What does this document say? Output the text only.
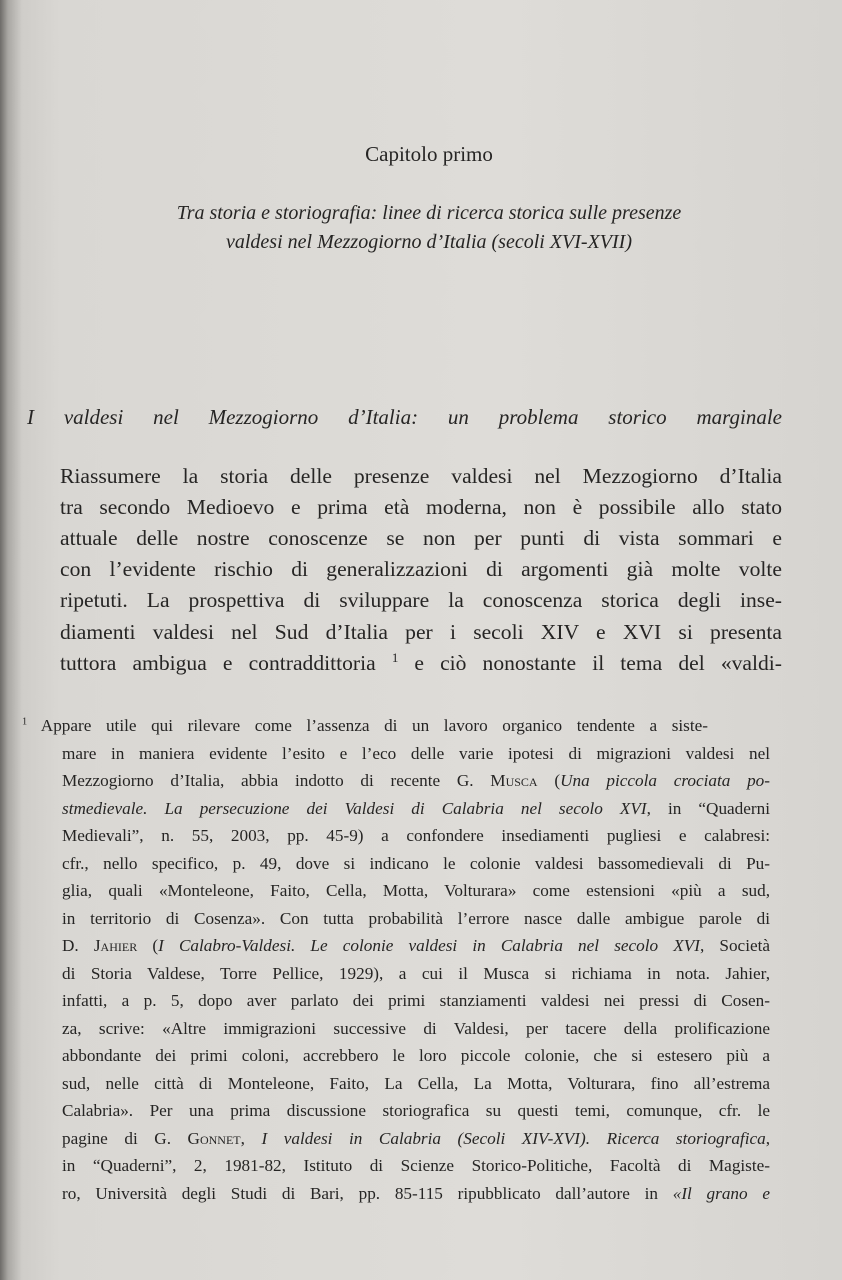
Capitolo primo
Tra storia e storiografia: linee di ricerca storica sulle presenze
valdesi nel Mezzogiorno d’Italia (secoli XVI-XVII)
I valdesi nel Mezzogiorno d’Italia: un problema storico marginale
Riassumere la storia delle presenze valdesi nel Mezzogiorno d’Italia
tra secondo Medioevo e prima età moderna, non è possibile allo stato
attuale delle nostre conoscenze se non per punti di vista sommari e
con l’evidente rischio di generalizzazioni di argomenti già molte volte
ripetuti. La prospettiva di sviluppare la conoscenza storica degli inse-
diamenti valdesi nel Sud d’Italia per i secoli XIV e XVI si presenta
tuttora ambigua e contraddittoria $^1$ e ciò nonostante il tema del «valdi-
$^1$ Appare utile qui rilevare come l’assenza di un lavoro organico tendente a siste-
mare in maniera evidente l’esito e l’eco delle varie ipotesi di migrazioni valdesi nel
Mezzogiorno d’Italia, abbia indotto di recente G. Musca (Una piccola crociata po-
stmedievale. La persecuzione dei Valdesi di Calabria nel secolo XVI, in “Quaderni
Medievali”, n. 55, 2003, pp. 45-9) a confondere insediamenti pugliesi e calabresi:
cfr., nello specifico, p. 49, dove si indicano le colonie valdesi bassomedievali di Pu-
glia, quali «Monteleone, Faito, Cella, Motta, Volturara» come estensioni «più a sud,
in territorio di Cosenza». Con tutta probabilità l’errore nasce dalle ambigue parole di
D. Jahier (I Calabro-Valdesi. Le colonie valdesi in Calabria nel secolo XVI, Società
di Storia Valdese, Torre Pellice, 1929), a cui il Musca si richiama in nota. Jahier,
infatti, a p. 5, dopo aver parlato dei primi stanziamenti valdesi nei pressi di Cosen-
za, scrive: «Altre immigrazioni successive di Valdesi, per tacere della prolificazione
abbondante dei primi coloni, accrebbero le loro piccole colonie, che si estesero più a
sud, nelle città di Monteleone, Faito, La Cella, La Motta, Volturara, fino all’estrema
Calabria». Per una prima discussione storiografica su questi temi, comunque, cfr. le
pagine di G. Gonnet, I valdesi in Calabria (Secoli XIV-XVI). Ricerca storiografica,
in “Quaderni”, 2, 1981-82, Istituto di Scienze Storico-Politiche, Facoltà di Magiste-
ro, Università degli Studi di Bari, pp. 85-115 ripubblicato dall’autore in «Il grano e
